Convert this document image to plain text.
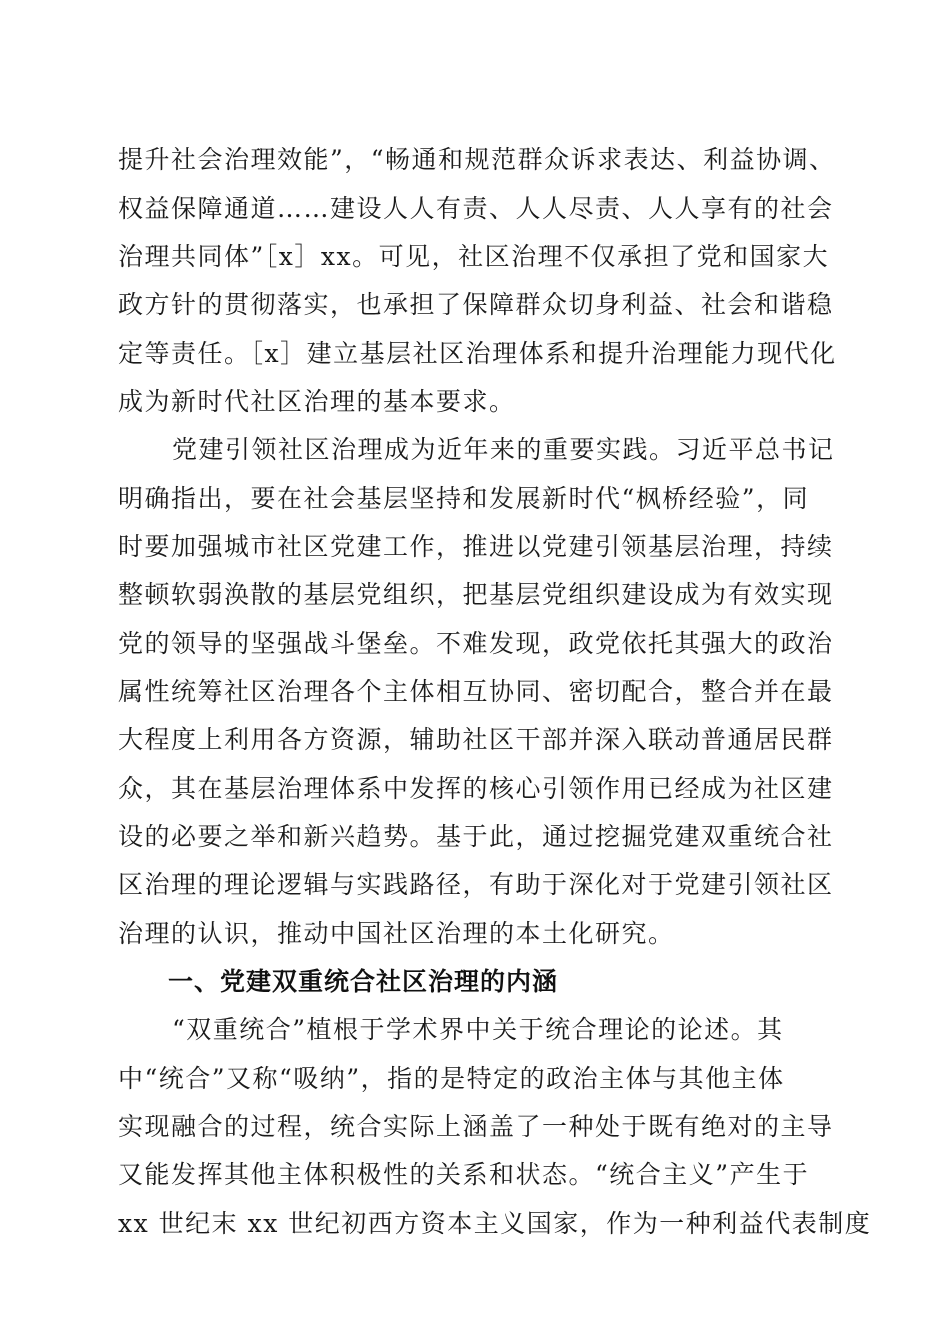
提升社会治理效能”，“畅通和规范群众诉求表达、利益协调、
权益保障通道……建设人人有责、人人尽责、人人享有的社会
治理共同体”［x］xx。可见，社区治理不仅承担了党和国家大
政方针的贯彻落实，也承担了保障群众切身利益、社会和谐稳
定等责任。［x］建立基层社区治理体系和提升治理能力现代化
成为新时代社区治理的基本要求。
党建引领社区治理成为近年来的重要实践。习近平总书记
明确指出，要在社会基层坚持和发展新时代“枫桥经验”，同
时要加强城市社区党建工作，推进以党建引领基层治理，持续
整顿软弱涣散的基层党组织，把基层党组织建设成为有效实现
党的领导的坚强战斗堡垒。不难发现，政党依托其强大的政治
属性统筹社区治理各个主体相互协同、密切配合，整合并在最
大程度上利用各方资源，辅助社区干部并深入联动普通居民群
众，其在基层治理体系中发挥的核心引领作用已经成为社区建
设的必要之举和新兴趋势。基于此，通过挖掘党建双重统合社
区治理的理论逻辑与实践路径，有助于深化对于党建引领社区
治理的认识，推动中国社区治理的本土化研究。
一、党建双重统合社区治理的内涵
“双重统合”植根于学术界中关于统合理论的论述。其
中“统合”又称“吸纳”，指的是特定的政治主体与其他主体
实现融合的过程，统合实际上涵盖了一种处于既有绝对的主导
又能发挥其他主体积极性的关系和状态。“统合主义”产生于
xx 世纪末 xx 世纪初西方资本主义国家，作为一种利益代表制度
